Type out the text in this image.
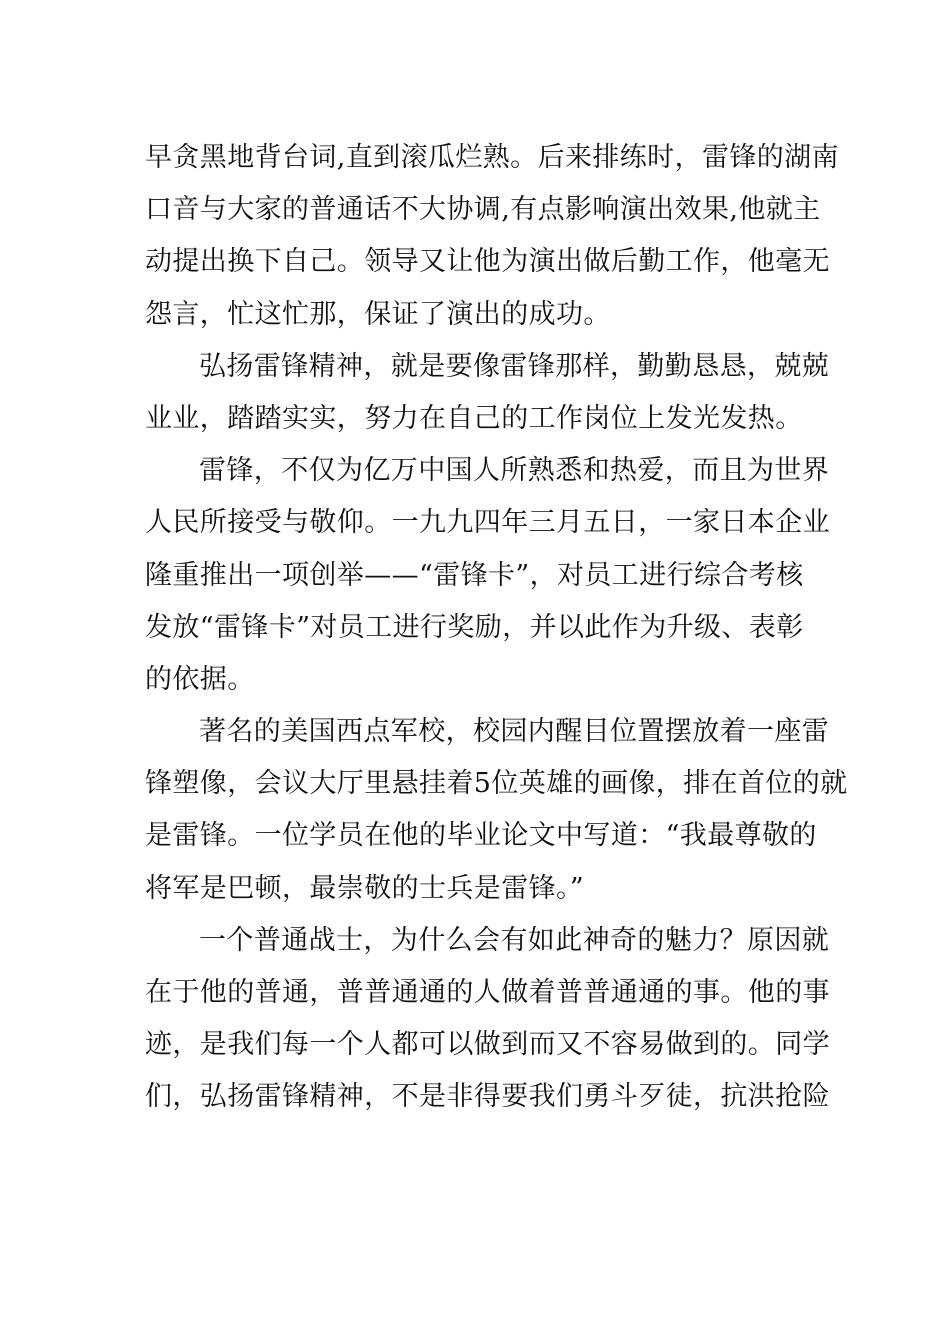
早贪黑地背台词,直到滚瓜烂熟。后来排练时，雷锋的湖南
口音与大家的普通话不大协调,有点影响演出效果,他就主
动提出换下自己。领导又让他为演出做后勤工作，他毫无
怨言，忙这忙那，保证了演出的成功。
弘扬雷锋精神，就是要像雷锋那样，勤勤恳恳，兢兢
业业，踏踏实实，努力在自己的工作岗位上发光发热。
雷锋，不仅为亿万中国人所熟悉和热爱，而且为世界
人民所接受与敬仰。一九九四年三月五日，一家日本企业
隆重推出一项创举——“雷锋卡”，对员工进行综合考核
发放“雷锋卡”对员工进行奖励，并以此作为升级、表彰
的依据。
著名的美国西点军校，校园内醒目位置摆放着一座雷
锋塑像，会议大厅里悬挂着5位英雄的画像，排在首位的就
是雷锋。一位学员在他的毕业论文中写道：“我最尊敬的
将军是巴顿，最崇敬的士兵是雷锋。”
一个普通战士，为什么会有如此神奇的魅力？原因就
在于他的普通，普普通通的人做着普普通通的事。他的事
迹，是我们每一个人都可以做到而又不容易做到的。同学
们，弘扬雷锋精神，不是非得要我们勇斗歹徒，抗洪抢险
